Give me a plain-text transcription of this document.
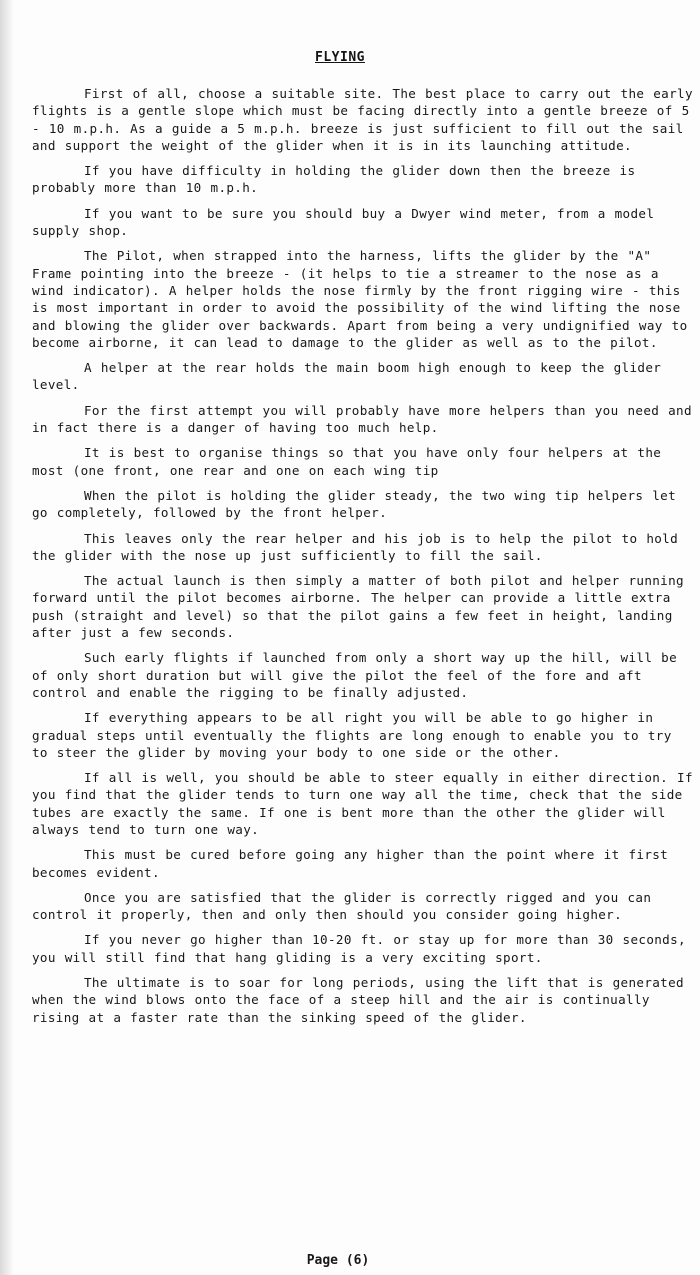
FLYING

First of all, choose a suitable site. The best place to carry out the early flights is a gentle slope which must be facing directly into a gentle breeze of 5 - 10 m.p.h. As a guide a 5 m.p.h. breeze is just sufficient to fill out the sail and support the weight of the glider when it is in its launching attitude.

If you have difficulty in holding the glider down then the breeze is probably more than 10 m.p.h.

If you want to be sure you should buy a Dwyer wind meter, from a model supply shop.

The Pilot, when strapped into the harness, lifts the glider by the "A" Frame pointing into the breeze - (it helps to tie a streamer to the nose as a wind indicator). A helper holds the nose firmly by the front rigging wire - this is most important in order to avoid the possibility of the wind lifting the nose and blowing the glider over backwards. Apart from being a very undignified way to become airborne, it can lead to damage to the glider as well as to the pilot.

A helper at the rear holds the main boom high enough to keep the glider level.

For the first attempt you will probably have more helpers than you need and in fact there is a danger of having too much help.

It is best to organise things so that you have only four helpers at the most (one front, one rear and one on each wing tip

When the pilot is holding the glider steady, the two wing tip helpers let go completely, followed by the front helper.

This leaves only the rear helper and his job is to help the pilot to hold the glider with the nose up just sufficiently to fill the sail.

The actual launch is then simply a matter of both pilot and helper running forward until the pilot becomes airborne. The helper can provide a little extra push (straight and level) so that the pilot gains a few feet in height, landing after just a few seconds.

Such early flights if launched from only a short way up the hill, will be of only short duration but will give the pilot the feel of the fore and aft control and enable the rigging to be finally adjusted.

If everything appears to be all right you will be able to go higher in gradual steps until eventually the flights are long enough to enable you to try to steer the glider by moving your body to one side or the other.

If all is well, you should be able to steer equally in either direction. If you find that the glider tends to turn one way all the time, check that the side tubes are exactly the same. If one is bent more than the other the glider will always tend to turn one way.

This must be cured before going any higher than the point where it first becomes evident.

Once you are satisfied that the glider is correctly rigged and you can control it properly, then and only then should you consider going higher.

If you never go higher than 10-20 ft. or stay up for more than 30 seconds, you will still find that hang gliding is a very exciting sport.

The ultimate is to soar for long periods, using the lift that is generated when the wind blows onto the face of a steep hill and the air is continually rising at a faster rate than the sinking speed of the glider.

Page (6)
